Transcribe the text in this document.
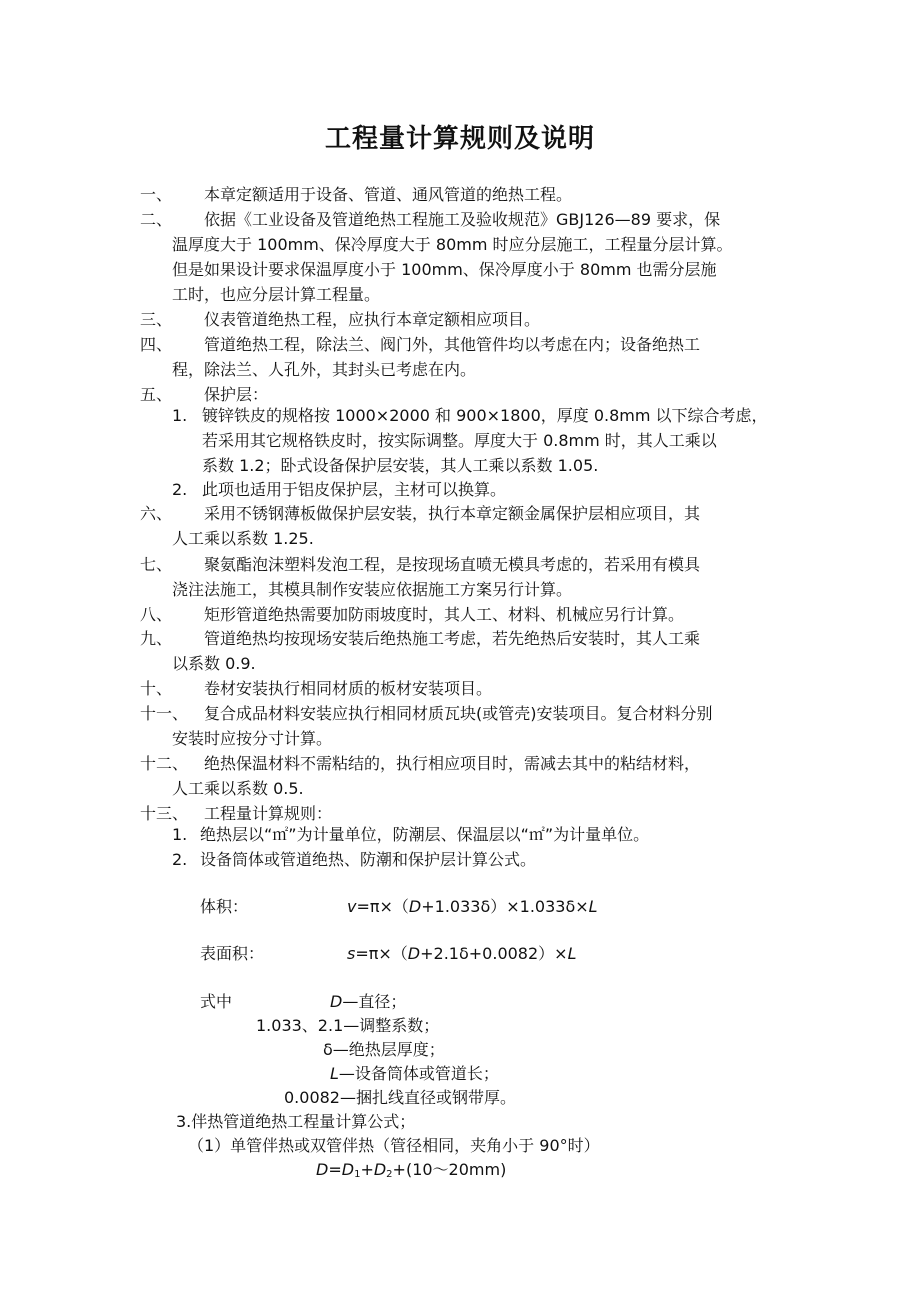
工程量计算规则及说明
一、 本章定额适用于设备、管道、通风管道的绝热工程。
二、 依据《工业设备及管道绝热工程施工及验收规范》GBJ126—89 要求，保
温厚度大于 100mm、保冷厚度大于 80mm 时应分层施工，工程量分层计算。
但是如果设计要求保温厚度小于 100mm、保冷厚度小于 80mm 也需分层施
工时，也应分层计算工程量。
三、 仪表管道绝热工程，应执行本章定额相应项目。
四、 管道绝热工程，除法兰、阀门外，其他管件均以考虑在内；设备绝热工
程，除法兰、人孔外，其封头已考虑在内。
五、 保护层：
1. 镀锌铁皮的规格按 1000×2000 和 900×1800，厚度 0.8mm 以下综合考虑，
若采用其它规格铁皮时，按实际调整。厚度大于 0.8mm 时，其人工乘以
系数 1.2；卧式设备保护层安装，其人工乘以系数 1.05.
2. 此项也适用于铝皮保护层，主材可以换算。
六、 采用不锈钢薄板做保护层安装，执行本章定额金属保护层相应项目，其
人工乘以系数 1.25.
七、 聚氨酯泡沫塑料发泡工程，是按现场直喷无模具考虑的，若采用有模具
浇注法施工，其模具制作安装应依据施工方案另行计算。
八、 矩形管道绝热需要加防雨坡度时，其人工、材料、机械应另行计算。
九、 管道绝热均按现场安装后绝热施工考虑，若先绝热后安装时，其人工乘
以系数 0.9.
十、 卷材安装执行相同材质的板材安装项目。
十一、 复合成品材料安装应执行相同材质瓦块(或管壳)安装项目。复合材料分别
安装时应按分寸计算。
十二、 绝热保温材料不需粘结的，执行相应项目时，需减去其中的粘结材料，
人工乘以系数 0.5.
十三、 工程量计算规则：
1. 绝热层以“㎡”为计量单位，防潮层、保温层以“㎡”为计量单位。
2. 设备筒体或管道绝热、防潮和保护层计算公式。
体积：	v=π×（D+1.033δ）×1.033δ×L
表面积：	s=π×（D+2.1δ+0.0082）×L
式中	D—直径；
1.033、2.1—调整系数；
δ—绝热层厚度；
L—设备筒体或管道长；
0.0082—捆扎线直径或钢带厚。
3.伴热管道绝热工程量计算公式；
（1）单管伴热或双管伴热（管径相同，夹角小于 90°时）
$D=D_1+D_2+(10\sim 20mm)$
